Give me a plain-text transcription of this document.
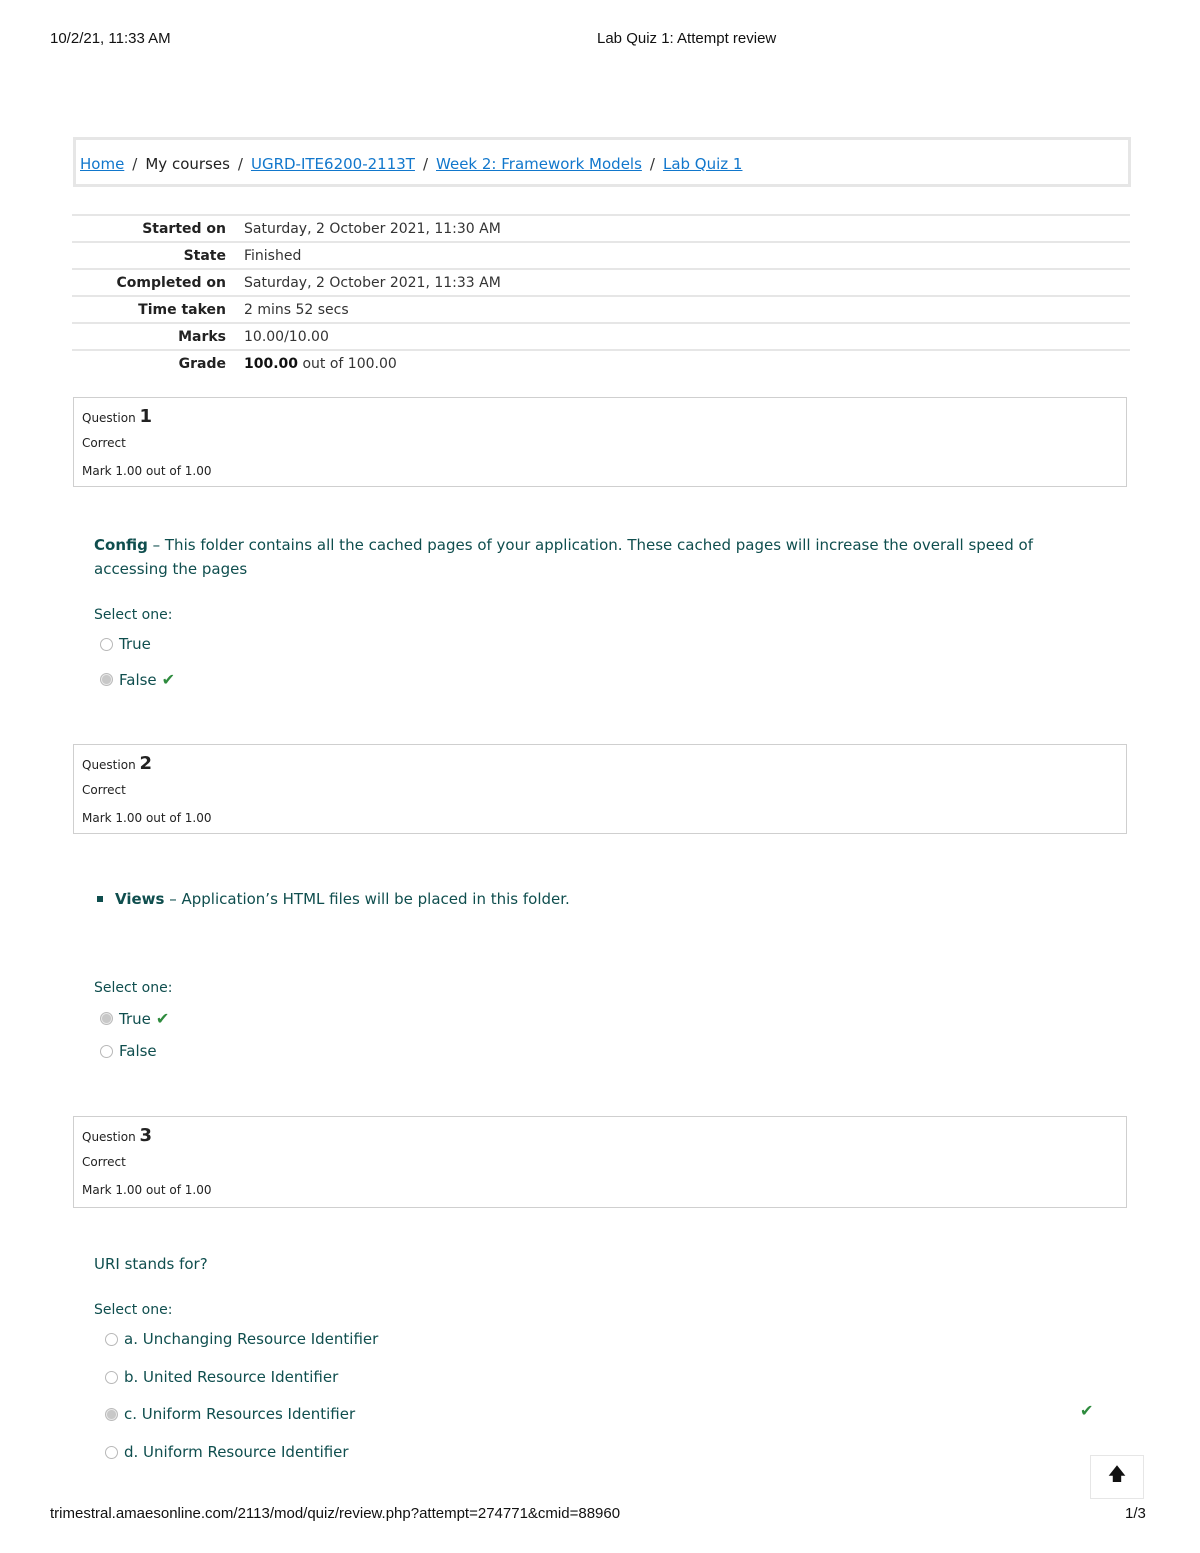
10/2/21, 11:33 AM	Lab Quiz 1: Attempt review
Home / My courses / UGRD-ITE6200-2113T / Week 2: Framework Models / Lab Quiz 1
Started on	Saturday, 2 October 2021, 11:30 AM
State	Finished
Completed on	Saturday, 2 October 2021, 11:33 AM
Time taken	2 mins 52 secs
Marks	10.00/10.00
Grade	100.00 out of 100.00
Question 1
Correct
Mark 1.00 out of 1.00
Config – This folder contains all the cached pages of your application. These cached pages will increase the overall speed of accessing the pages
Select one:
True
False ✔
Question 2
Correct
Mark 1.00 out of 1.00
Views – Application’s HTML files will be placed in this folder.
Select one:
True ✔
False
Question 3
Correct
Mark 1.00 out of 1.00
URI stands for?
Select one:
a. Unchanging Resource Identifier
b. United Resource Identifier
c. Uniform Resources Identifier	✔
d. Uniform Resource Identifier
🡅
trimestral.amaesonline.com/2113/mod/quiz/review.php?attempt=274771&cmid=88960	1/3
